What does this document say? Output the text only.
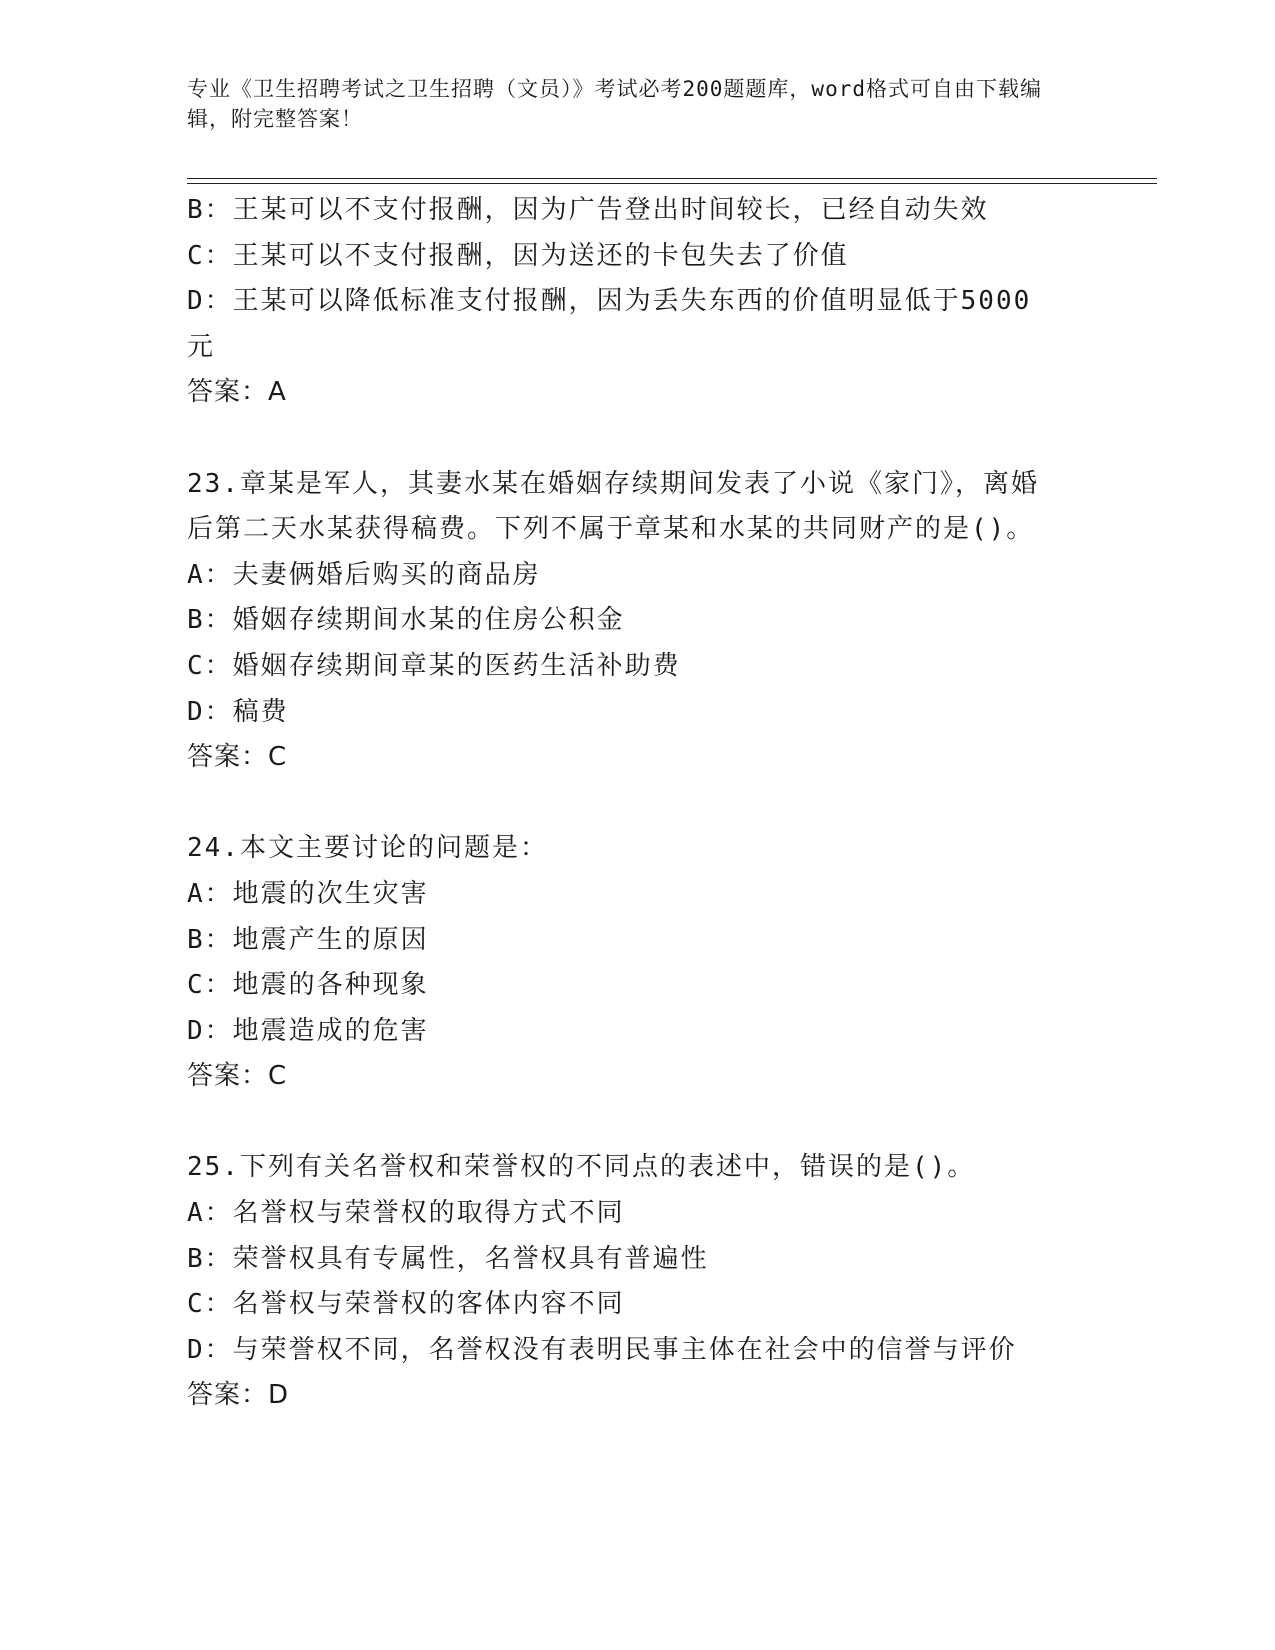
专业《卫生招聘考试之卫生招聘（文员）》考试必考200题题库，word格式可自由下载编辑，附完整答案！
B：王某可以不支付报酬，因为广告登出时间较长，已经自动失效
C：王某可以不支付报酬，因为送还的卡包失去了价值
D：王某可以降低标准支付报酬，因为丢失东西的价值明显低于5000元
答案：A
23.章某是军人，其妻水某在婚姻存续期间发表了小说《家门》，离婚后第二天水某获得稿费。下列不属于章某和水某的共同财产的是()。
A：夫妻俩婚后购买的商品房
B：婚姻存续期间水某的住房公积金
C：婚姻存续期间章某的医药生活补助费
D：稿费
答案：C
24.本文主要讨论的问题是：
A：地震的次生灾害
B：地震产生的原因
C：地震的各种现象
D：地震造成的危害
答案：C
25.下列有关名誉权和荣誉权的不同点的表述中，错误的是()。
A：名誉权与荣誉权的取得方式不同
B：荣誉权具有专属性，名誉权具有普遍性
C：名誉权与荣誉权的客体内容不同
D：与荣誉权不同，名誉权没有表明民事主体在社会中的信誉与评价
答案：D
